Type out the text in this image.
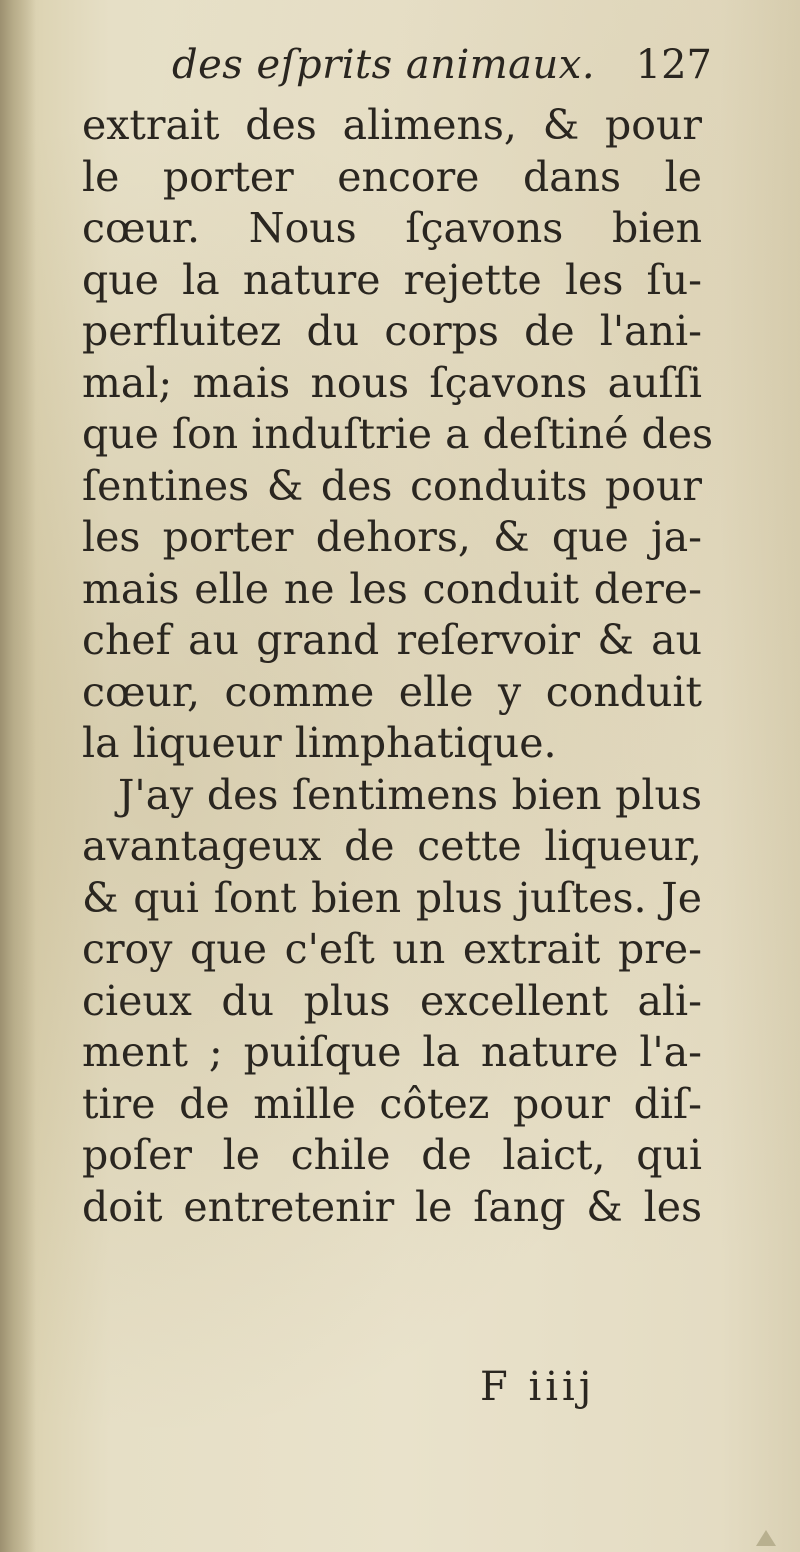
des eſprits animaux. 127
extrait des alimens, & pour
le porter encore dans le
cœur. Nous ſçavons bien
que la nature rejette les ſu-
perfluitez du corps de l'ani-
mal; mais nous ſçavons auſſi
que ſon induſtrie a deſtiné des
ſentines & des conduits pour
les porter dehors, & que ja-
mais elle ne les conduit dere-
chef au grand reſervoir & au
cœur, comme elle y conduit
la liqueur limphatique.
J'ay des ſentimens bien plus
avantageux de cette liqueur,
& qui ſont bien plus juſtes. Je
croy que c'eſt un extrait pre-
cieux du plus excellent ali-
ment ; puiſque la nature l'a-
tire de mille côtez pour diſ-
poſer le chile de laict, qui
doit entretenir le ſang & les
F iiij
